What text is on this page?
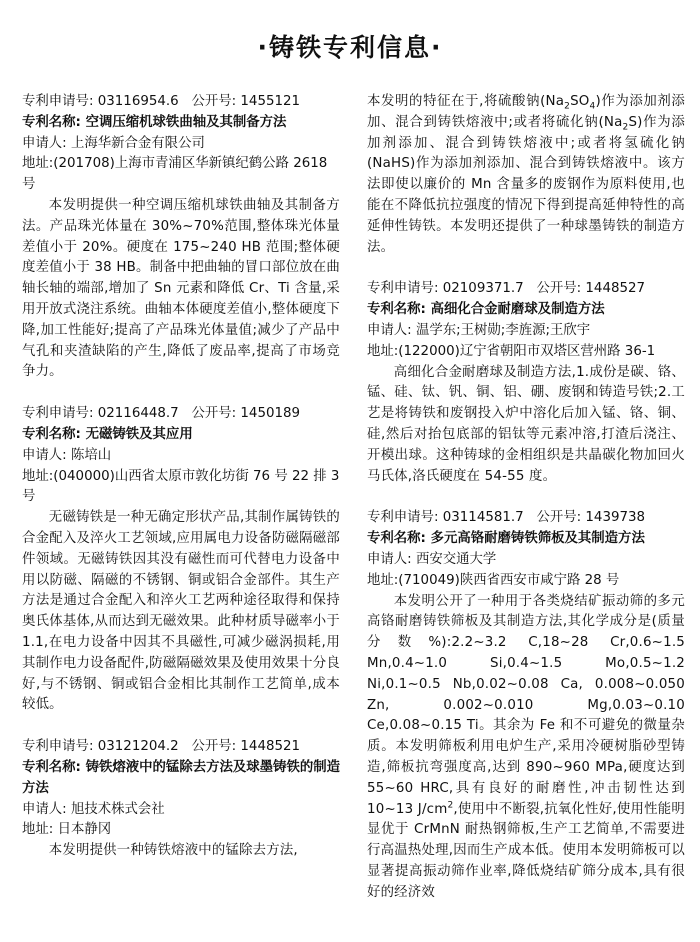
·铸铁专利信息·

专利申请号: 03116954.6 公开号: 1455121

专利名称: 空调压缩机球铁曲轴及其制备方法

申请人: 上海华新合金有限公司

地址:(201708)上海市青浦区华新镇纪鹤公路 2618 号

本发明提供一种空调压缩机球铁曲轴及其制备方法。产品珠光体量在 30%~70%范围,整体珠光体量差值小于 20%。硬度在 175~240 HB 范围;整体硬度差值小于 38 HB。制备中把曲轴的冒口部位放在曲轴长轴的端部,增加了 Sn 元素和降低 Cr、Ti 含量,采用开放式浇注系统。曲轴本体硬度差值小,整体硬度下降,加工性能好;提高了产品珠光体量值;减少了产品中气孔和夹渣缺陷的产生,降低了废品率,提高了市场竞争力。

专利申请号: 02116448.7 公开号: 1450189

专利名称: 无磁铸铁及其应用

申请人: 陈培山

地址:(040000)山西省太原市敦化坊街 76 号 22 排 3 号

无磁铸铁是一种无确定形状产品,其制作属铸铁的合金配入及淬火工艺领域,应用属电力设备防磁隔磁部件领域。无磁铸铁因其没有磁性而可代替电力设备中用以防磁、隔磁的不锈钢、铜或铝合金部件。其生产方法是通过合金配入和淬火工艺两种途径取得和保持奥氏体基体,从而达到无磁效果。此种材质导磁率小于 1.1,在电力设备中因其不具磁性,可减少磁涡损耗,用其制作电力设备配件,防磁隔磁效果及使用效果十分良好,与不锈钢、铜或铝合金相比其制作工艺简单,成本较低。

专利申请号: 03121204.2 公开号: 1448521

专利名称: 铸铁熔液中的锰除去方法及球墨铸铁的制造方法

申请人: 旭技术株式会社

地址: 日本静冈

本发明提供一种铸铁熔液中的锰除去方法,

本发明的特征在于,将硫酸钠$(Na_2SO_4)$作为添加剂添加、混合到铸铁熔液中;或者将硫化钠$(Na_2S)$作为添加剂添加、混合到铸铁熔液中;或者将氢硫化钠(NaHS)作为添加剂添加、混合到铸铁熔液中。该方法即使以廉价的 Mn 含量多的废钢作为原料使用,也能在不降低抗拉强度的情况下得到提高延伸特性的高延伸性铸铁。本发明还提供了一种球墨铸铁的制造方法。

专利申请号: 02109371.7 公开号: 1448527

专利名称: 高细化合金耐磨球及制造方法

申请人: 温学东;王树勋;李旌源;王欣宇

地址:(122000)辽宁省朝阳市双塔区营州路 36-1

高细化合金耐磨球及制造方法,1.成份是碳、铬、锰、硅、钛、钒、铜、铝、硼、废钢和铸造号铁;2.工艺是将铸铁和废钢投入炉中溶化后加入锰、铬、铜、硅,然后对抬包底部的铝钛等元素冲溶,打渣后浇注、开模出球。这种铸球的金相组织是共晶碳化物加回火马氏体,洛氏硬度在 54-55 度。

专利申请号: 03114581.7 公开号: 1439738

专利名称: 多元高铬耐磨铸铁筛板及其制造方法

申请人: 西安交通大学

地址:(710049)陕西省西安市咸宁路 28 号

本发明公开了一种用于各类烧结矿振动筛的多元高铬耐磨铸铁筛板及其制造方法,其化学成分是(质量分数%):2.2~3.2 C,18~28 Cr,0.6~1.5 Mn,0.4~1.0 Si,0.4~1.5 Mo,0.5~1.2 Ni,0.1~0.5 Nb,0.02~0.08 Ca, 0.008~0.050 Zn, 0.002~0.010 Mg,0.03~0.10 Ce,0.08~0.15 Ti。其余为 Fe 和不可避免的微量杂质。本发明筛板利用电炉生产,采用冷硬树脂砂型铸造,筛板抗弯强度高,达到 890~960 MPa,硬度达到 55~60 HRC,具有良好的耐磨性,冲击韧性达到 10~13 $J/cm^2$,使用中不断裂,抗氧化性好,使用性能明显优于 CrMnN 耐热钢筛板,生产工艺简单,不需要进行高温热处理,因而生产成本低。使用本发明筛板可以显著提高振动筛作业率,降低烧结矿筛分成本,具有很好的经济效
